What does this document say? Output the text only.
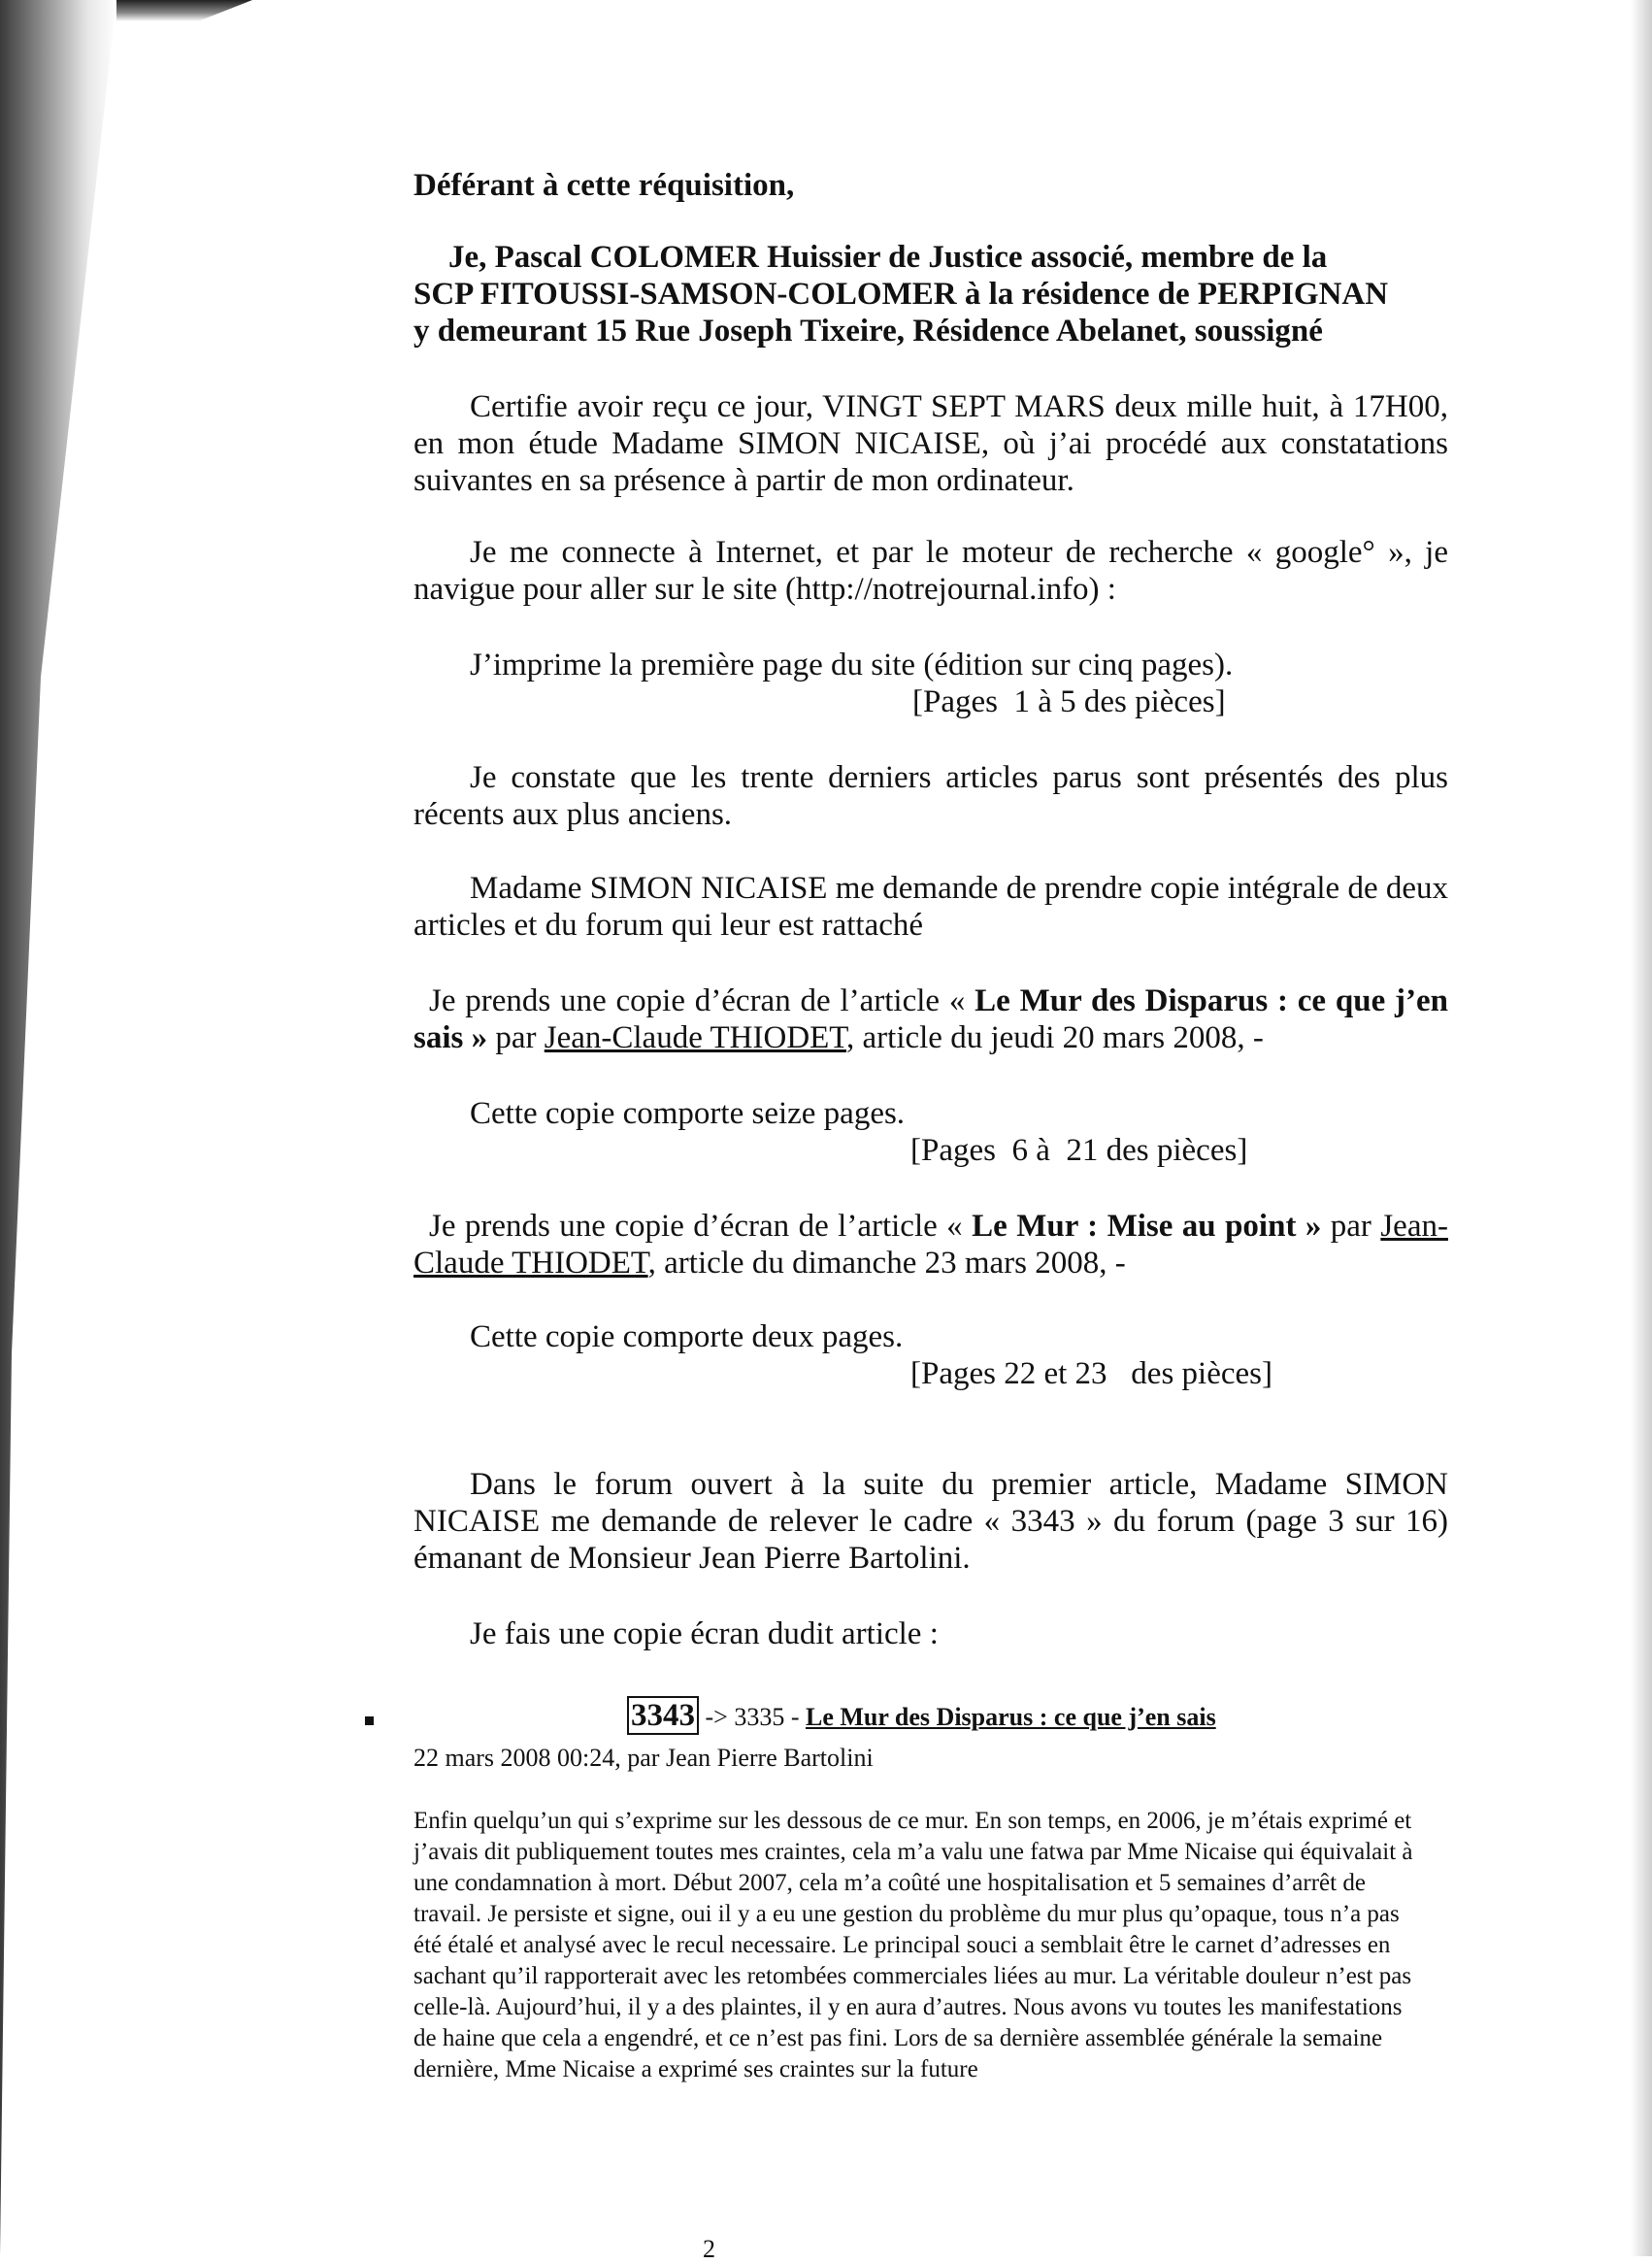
Déférant à cette réquisition,

Je, Pascal COLOMER Huissier de Justice associé, membre de la
SCP FITOUSSI-SAMSON-COLOMER à la résidence de PERPIGNAN
y demeurant 15 Rue Joseph Tixeire, Résidence Abelanet, soussigné

Certifie avoir reçu ce jour, VINGT SEPT MARS deux mille huit, à 17H00, en mon étude Madame SIMON NICAISE, où j’ai procédé aux constatations suivantes en sa présence à partir de mon ordinateur.

Je me connecte à Internet, et par le moteur de recherche « google° », je navigue pour aller sur le site (http://notrejournal.info) :

J’imprime la première page du site (édition sur cinq pages).

[Pages  1 à 5 des pièces]

Je constate que les trente derniers articles parus sont présentés des plus récents aux plus anciens.

Madame SIMON NICAISE me demande de prendre copie intégrale de deux articles et du forum qui leur est rattaché

Je prends une copie d’écran de l’article « Le Mur des Disparus : ce que j’en sais » par Jean-Claude THIODET, article du jeudi 20 mars 2008, -

Cette copie comporte seize pages.

[Pages  6 à  21 des pièces]

Je prends une copie d’écran de l’article « Le Mur : Mise au point » par Jean-Claude THIODET, article du dimanche 23 mars 2008, -

Cette copie comporte deux pages.

[Pages 22 et 23   des pièces]

Dans le forum ouvert à la suite du premier article, Madame SIMON NICAISE me demande de relever le cadre « 3343 » du forum (page 3 sur 16) émanant de Monsieur Jean Pierre Bartolini.

Je fais une copie écran dudit article :

3343 -> 3335 - Le Mur des Disparus : ce que j’en sais
22 mars 2008 00:24, par Jean Pierre Bartolini
Enfin quelqu’un qui s’exprime sur les dessous de ce mur. En son temps, en 2006, je m’étais exprimé et j’avais dit publiquement toutes mes craintes, cela m’a valu une fatwa par Mme Nicaise qui équivalait à une condamnation à mort. Début 2007, cela m’a coûté une hospitalisation et 5 semaines d’arrêt de travail. Je persiste et signe, oui il y a eu une gestion du problème du mur plus qu’opaque, tous n’a pas été étalé et analysé avec le recul necessaire. Le principal souci a semblait être le carnet d’adresses en sachant qu’il rapporterait avec les retombées commerciales liées au mur. La véritable douleur n’est pas celle-là. Aujourd’hui, il y a des plaintes, il y en aura d’autres. Nous avons vu toutes les manifestations de haine que cela a engendré, et ce n’est pas fini. Lors de sa dernière assemblée générale la semaine dernière, Mme Nicaise a exprimé ses craintes sur la future
2
